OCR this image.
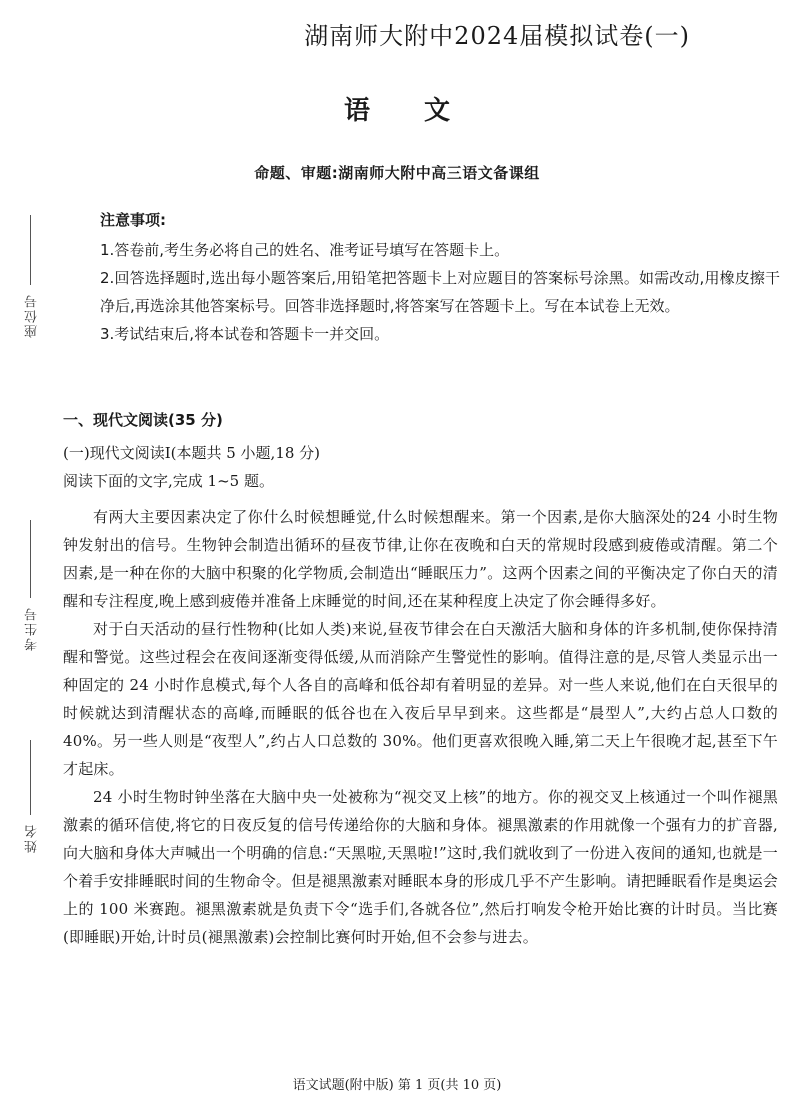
湖南师大附中2024届模拟试卷(一)
语 文
命题、审题:湖南师大附中高三语文备课组
座位号
考生号
姓名
注意事项:

1.答卷前,考生务必将自己的姓名、准考证号填写在答题卡上。

2.回答选择题时,选出每小题答案后,用铅笔把答题卡上对应题目的答案标号涂黑。如需改动,用橡皮擦干净后,再选涂其他答案标号。回答非选择题时,将答案写在答题卡上。写在本试卷上无效。

3.考试结束后,将本试卷和答题卡一并交回。

一、现代文阅读(35 分)
(一)现代文阅读Ⅰ(本题共 5 小题,18 分)
阅读下面的文字,完成 1~5 题。

有两大主要因素决定了你什么时候想睡觉,什么时候想醒来。第一个因素,是你大脑深处的24 小时生物钟发射出的信号。生物钟会制造出循环的昼夜节律,让你在夜晚和白天的常规时段感到疲倦或清醒。第二个因素,是一种在你的大脑中积聚的化学物质,会制造出“睡眠压力”。这两个因素之间的平衡决定了你白天的清醒和专注程度,晚上感到疲倦并准备上床睡觉的时间,还在某种程度上决定了你会睡得多好。

对于白天活动的昼行性物种(比如人类)来说,昼夜节律会在白天激活大脑和身体的许多机制,使你保持清醒和警觉。这些过程会在夜间逐渐变得低缓,从而消除产生警觉性的影响。值得注意的是,尽管人类显示出一种固定的 24 小时作息模式,每个人各自的高峰和低谷却有着明显的差异。对一些人来说,他们在白天很早的时候就达到清醒状态的高峰,而睡眠的低谷也在入夜后早早到来。这些都是“晨型人”,大约占总人口数的 40%。另一些人则是“夜型人”,约占人口总数的 30%。他们更喜欢很晚入睡,第二天上午很晚才起,甚至下午才起床。

24 小时生物时钟坐落在大脑中央一处被称为“视交叉上核”的地方。你的视交叉上核通过一个叫作褪黑激素的循环信使,将它的日夜反复的信号传递给你的大脑和身体。褪黑激素的作用就像一个强有力的扩音器,向大脑和身体大声喊出一个明确的信息:“天黑啦,天黑啦!”这时,我们就收到了一份进入夜间的通知,也就是一个着手安排睡眠时间的生物命令。但是褪黑激素对睡眠本身的形成几乎不产生影响。请把睡眠看作是奥运会上的 100 米赛跑。褪黑激素就是负责下令“选手们,各就各位”,然后打响发令枪开始比赛的计时员。当比赛(即睡眠)开始,计时员(褪黑激素)会控制比赛何时开始,但不会参与进去。

语文试题(附中版) 第 1 页(共 10 页)
